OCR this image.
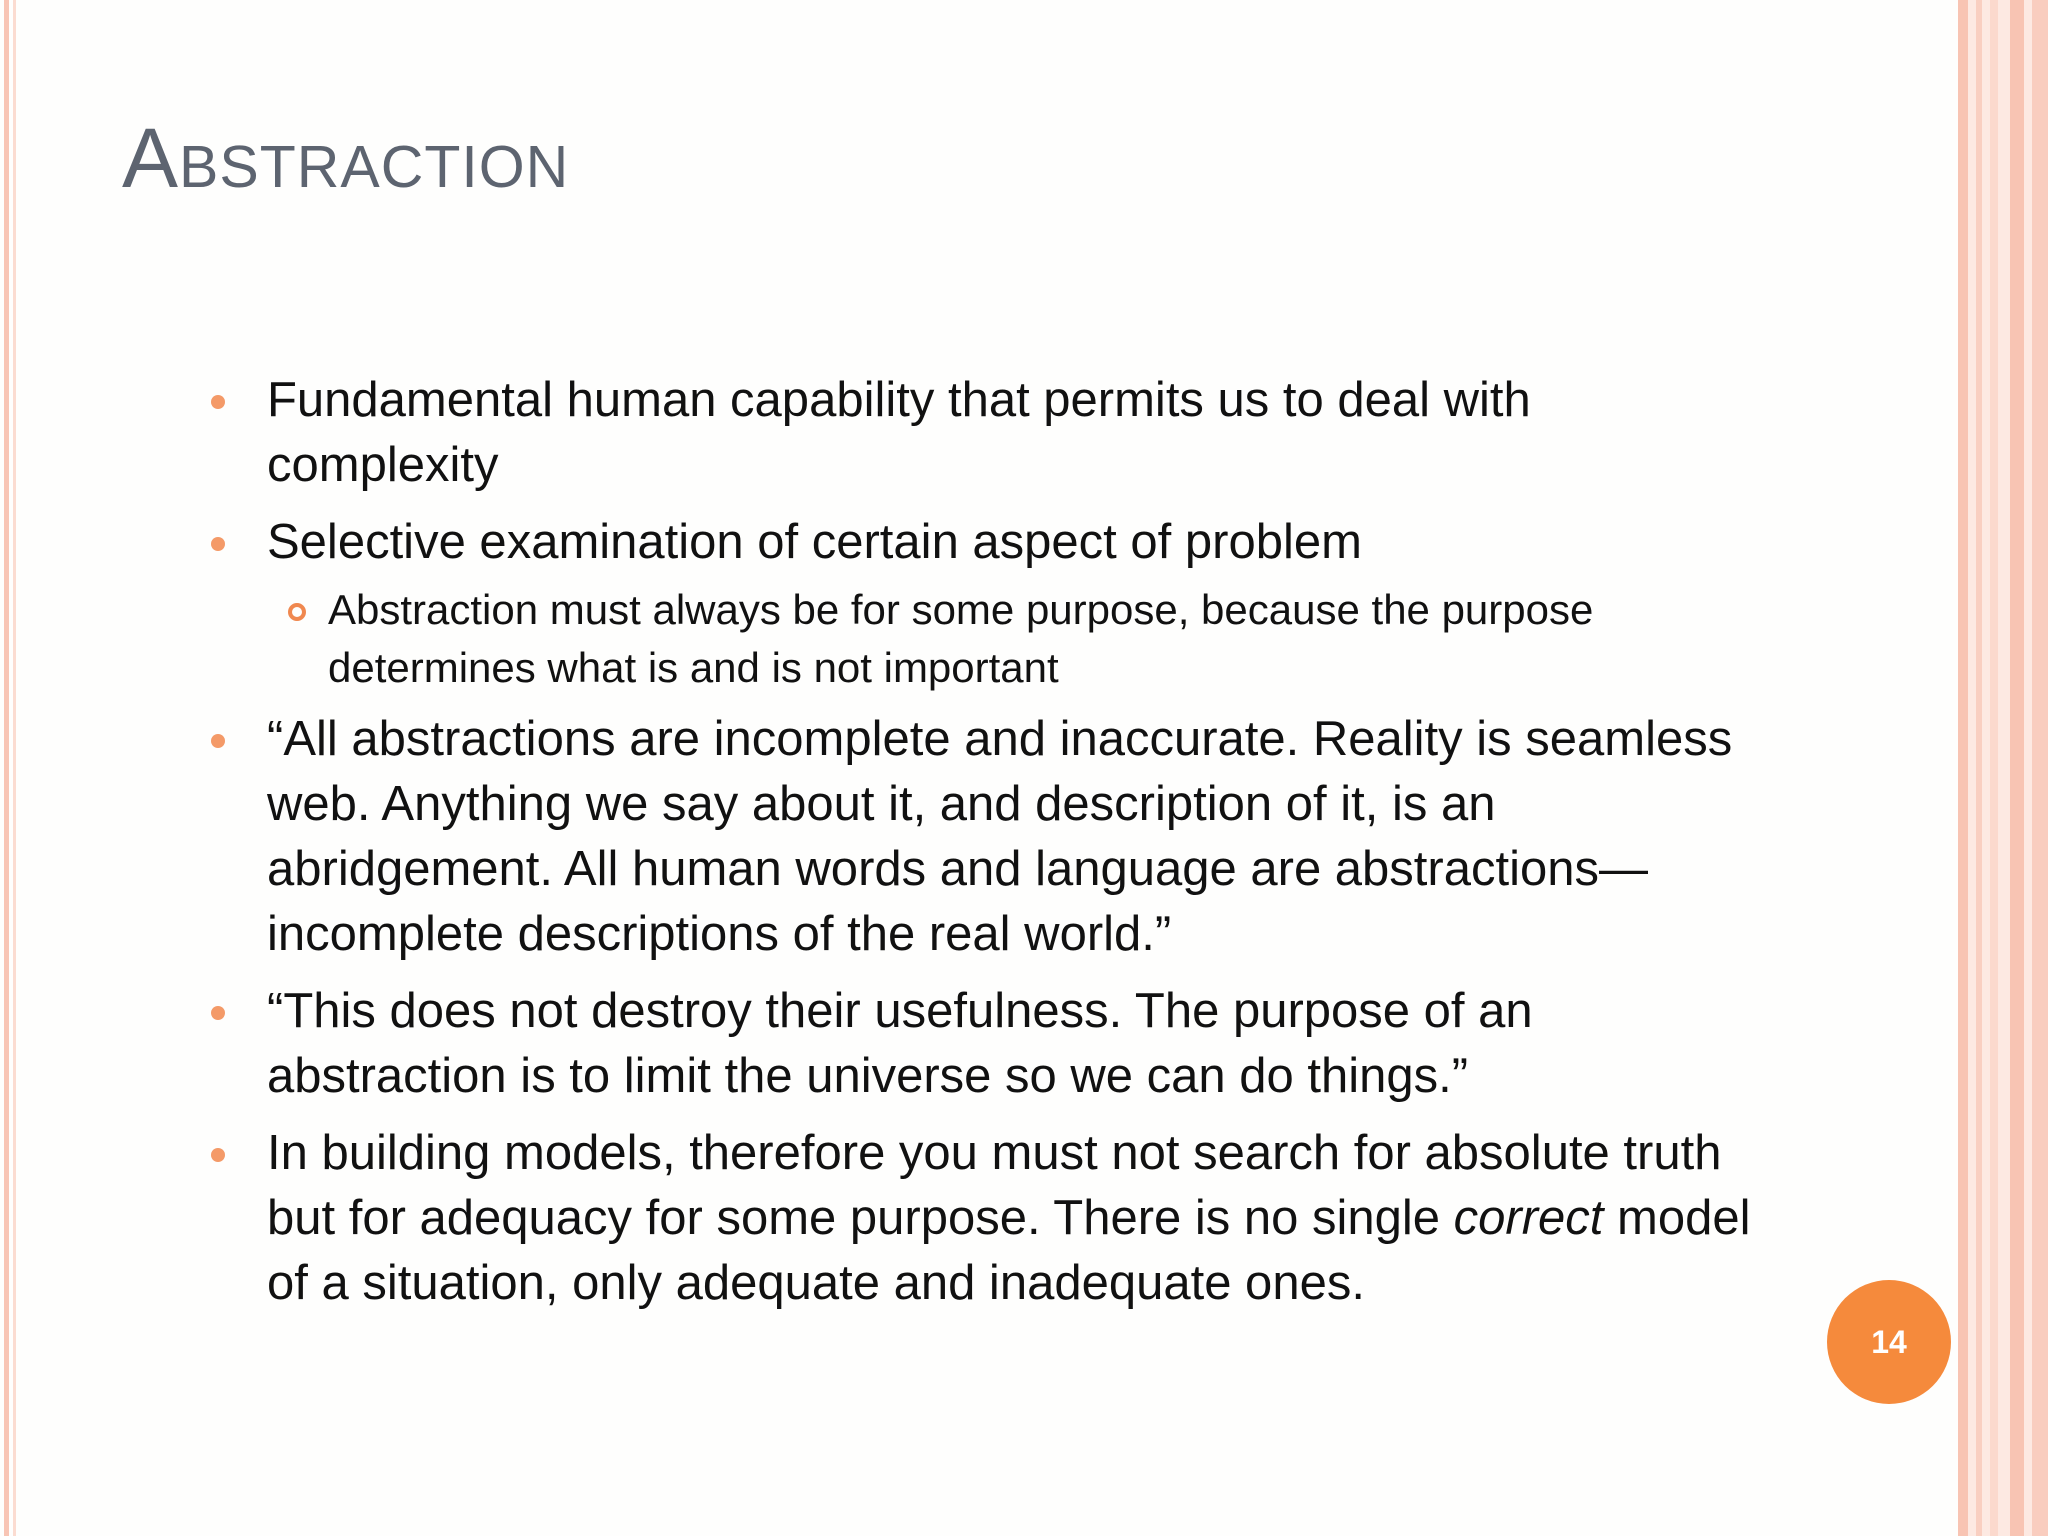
Abstraction
Fundamental human capability that permits us to deal with complexity
Selective examination of certain aspect of problem
Abstraction must always be for some purpose, because the purpose determines what is and is not important
“All abstractions are incomplete and inaccurate. Reality is seamless web. Anything we say about it, and description of it, is an abridgement. All human words and language are abstractions—incomplete descriptions of the real world.”
“This does not destroy their usefulness. The purpose of an abstraction is to limit the universe so we can do things.”
In building models, therefore you must not search for absolute truth but for adequacy for some purpose. There is no single correct model of a situation, only adequate and inadequate ones.
14
